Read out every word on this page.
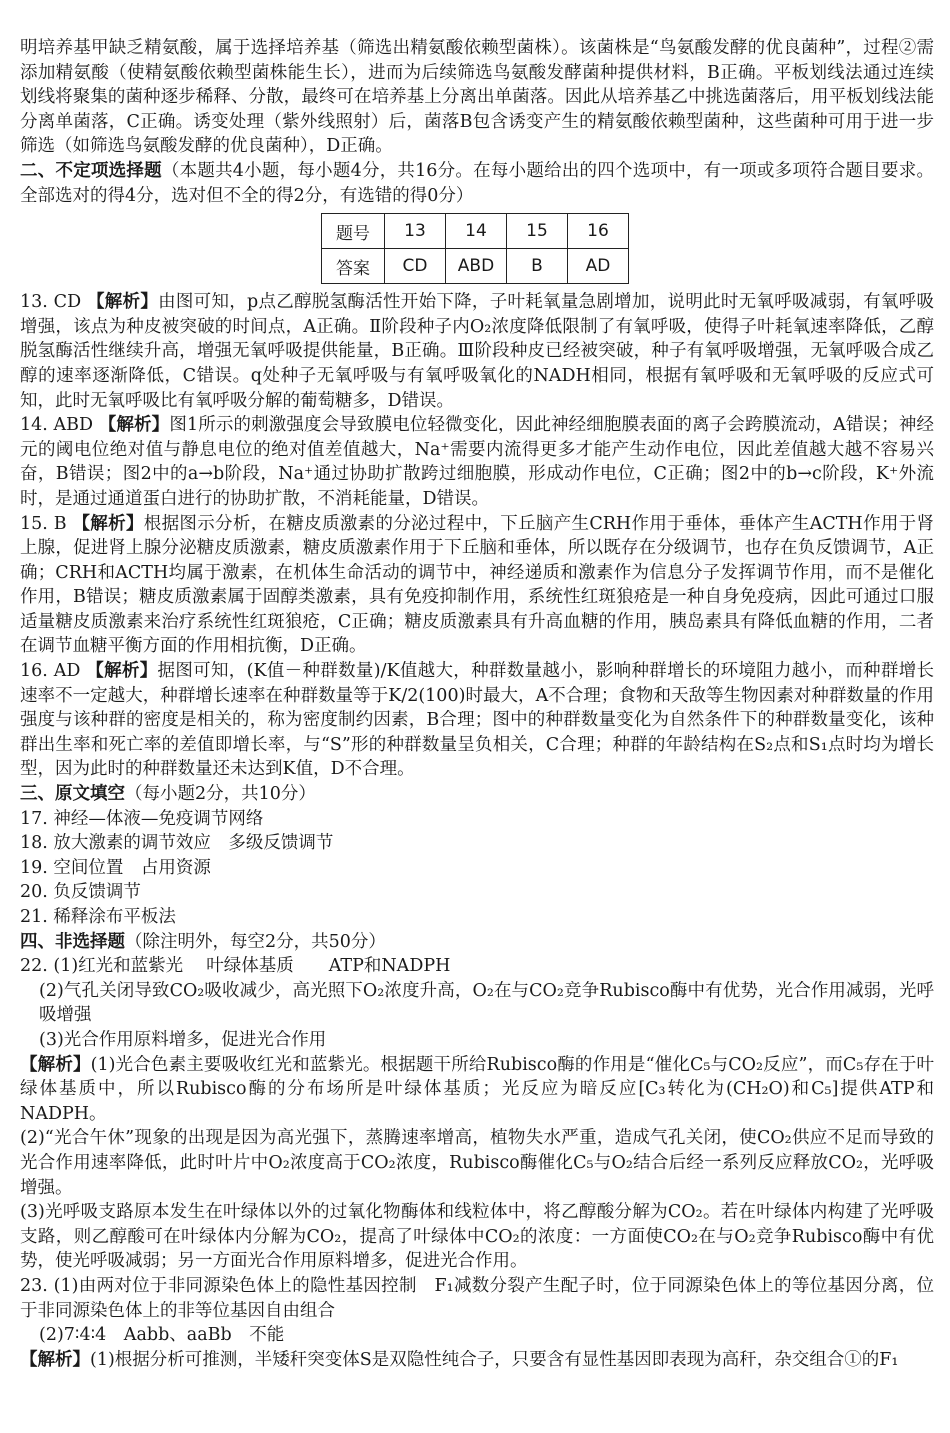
明培养基甲缺乏精氨酸，属于选择培养基（筛选出精氨酸依赖型菌株）。该菌株是“鸟氨酸发酵的优良菌种”，过程②需添加精氨酸（使精氨酸依赖型菌株能生长），进而为后续筛选鸟氨酸发酵菌种提供材料，B正确。平板划线法通过连续划线将聚集的菌种逐步稀释、分散，最终可在培养基上分离出单菌落。因此从培养基乙中挑选菌落后，用平板划线法能分离单菌落，C正确。诱变处理（紫外线照射）后，菌落B包含诱变产生的精氨酸依赖型菌种，这些菌种可用于进一步筛选（如筛选鸟氨酸发酵的优良菌种），D正确。

二、不定项选择题（本题共4小题，每小题4分，共16分。在每小题给出的四个选项中，有一项或多项符合题目要求。全部选对的得4分，选对但不全的得2分，有选错的得0分）

题号	13	14	15	16
答案	CD	ABD	B	AD

13. CD 【解析】由图可知，p点乙醇脱氢酶活性开始下降，子叶耗氧量急剧增加，说明此时无氧呼吸减弱，有氧呼吸增强，该点为种皮被突破的时间点，A正确。Ⅱ阶段种子内O₂浓度降低限制了有氧呼吸，使得子叶耗氧速率降低，乙醇脱氢酶活性继续升高，增强无氧呼吸提供能量，B正确。Ⅲ阶段种皮已经被突破，种子有氧呼吸增强，无氧呼吸合成乙醇的速率逐渐降低，C错误。q处种子无氧呼吸与有氧呼吸氧化的NADH相同，根据有氧呼吸和无氧呼吸的反应式可知，此时无氧呼吸比有氧呼吸分解的葡萄糖多，D错误。

14. ABD 【解析】图1所示的刺激强度会导致膜电位轻微变化，因此神经细胞膜表面的离子会跨膜流动，A错误；神经元的阈电位绝对值与静息电位的绝对值差值越大，Na⁺需要内流得更多才能产生动作电位，因此差值越大越不容易兴奋，B错误；图2中的a→b阶段，Na⁺通过协助扩散跨过细胞膜，形成动作电位，C正确；图2中的b→c阶段，K⁺外流时，是通过通道蛋白进行的协助扩散，不消耗能量，D错误。

15. B 【解析】根据图示分析，在糖皮质激素的分泌过程中，下丘脑产生CRH作用于垂体，垂体产生ACTH作用于肾上腺，促进肾上腺分泌糖皮质激素，糖皮质激素作用于下丘脑和垂体，所以既存在分级调节，也存在负反馈调节，A正确；CRH和ACTH均属于激素，在机体生命活动的调节中，神经递质和激素作为信息分子发挥调节作用，而不是催化作用，B错误；糖皮质激素属于固醇类激素，具有免疫抑制作用，系统性红斑狼疮是一种自身免疫病，因此可通过口服适量糖皮质激素来治疗系统性红斑狼疮，C正确；糖皮质激素具有升高血糖的作用，胰岛素具有降低血糖的作用，二者在调节血糖平衡方面的作用相抗衡，D正确。

16. AD 【解析】据图可知，(K值－种群数量)/K值越大，种群数量越小，影响种群增长的环境阻力越小，而种群增长速率不一定越大，种群增长速率在种群数量等于K/2(100)时最大，A不合理；食物和天敌等生物因素对种群数量的作用强度与该种群的密度是相关的，称为密度制约因素，B合理；图中的种群数量变化为自然条件下的种群数量变化，该种群出生率和死亡率的差值即增长率，与“S”形的种群数量呈负相关，C合理；种群的年龄结构在S₂点和S₁点时均为增长型，因为此时的种群数量还未达到K值，D不合理。

三、原文填空（每小题2分，共10分）

17. 神经—体液—免疫调节网络

18. 放大激素的调节效应　多级反馈调节

19. 空间位置　占用资源

20. 负反馈调节

21. 稀释涂布平板法

四、非选择题（除注明外，每空2分，共50分）

22. (1)红光和蓝紫光　 叶绿体基质　　ATP和NADPH

(2)气孔关闭导致CO₂吸收减少，高光照下O₂浓度升高，O₂在与CO₂竞争Rubisco酶中有优势，光合作用减弱，光呼吸增强

(3)光合作用原料增多，促进光合作用

【解析】(1)光合色素主要吸收红光和蓝紫光。根据题干所给Rubisco酶的作用是“催化C₅与CO₂反应”，而C₅存在于叶绿体基质中，所以Rubisco酶的分布场所是叶绿体基质；光反应为暗反应[C₃转化为(CH₂O)和C₅]提供ATP和NADPH。

(2)“光合午休”现象的出现是因为高光强下，蒸腾速率增高，植物失水严重，造成气孔关闭，使CO₂供应不足而导致的光合作用速率降低，此时叶片中O₂浓度高于CO₂浓度，Rubisco酶催化C₅与O₂结合后经一系列反应释放CO₂，光呼吸增强。

(3)光呼吸支路原本发生在叶绿体以外的过氧化物酶体和线粒体中，将乙醇酸分解为CO₂。若在叶绿体内构建了光呼吸支路，则乙醇酸可在叶绿体内分解为CO₂，提高了叶绿体中CO₂的浓度：一方面使CO₂在与O₂竞争Rubisco酶中有优势，使光呼吸减弱；另一方面光合作用原料增多，促进光合作用。

23. (1)由两对位于非同源染色体上的隐性基因控制　F₁减数分裂产生配子时，位于同源染色体上的等位基因分离，位于非同源染色体上的非等位基因自由组合

(2)7∶4∶4　Aabb、aaBb　不能

【解析】(1)根据分析可推测，半矮秆突变体S是双隐性纯合子，只要含有显性基因即表现为高秆，杂交组合①的F₁
